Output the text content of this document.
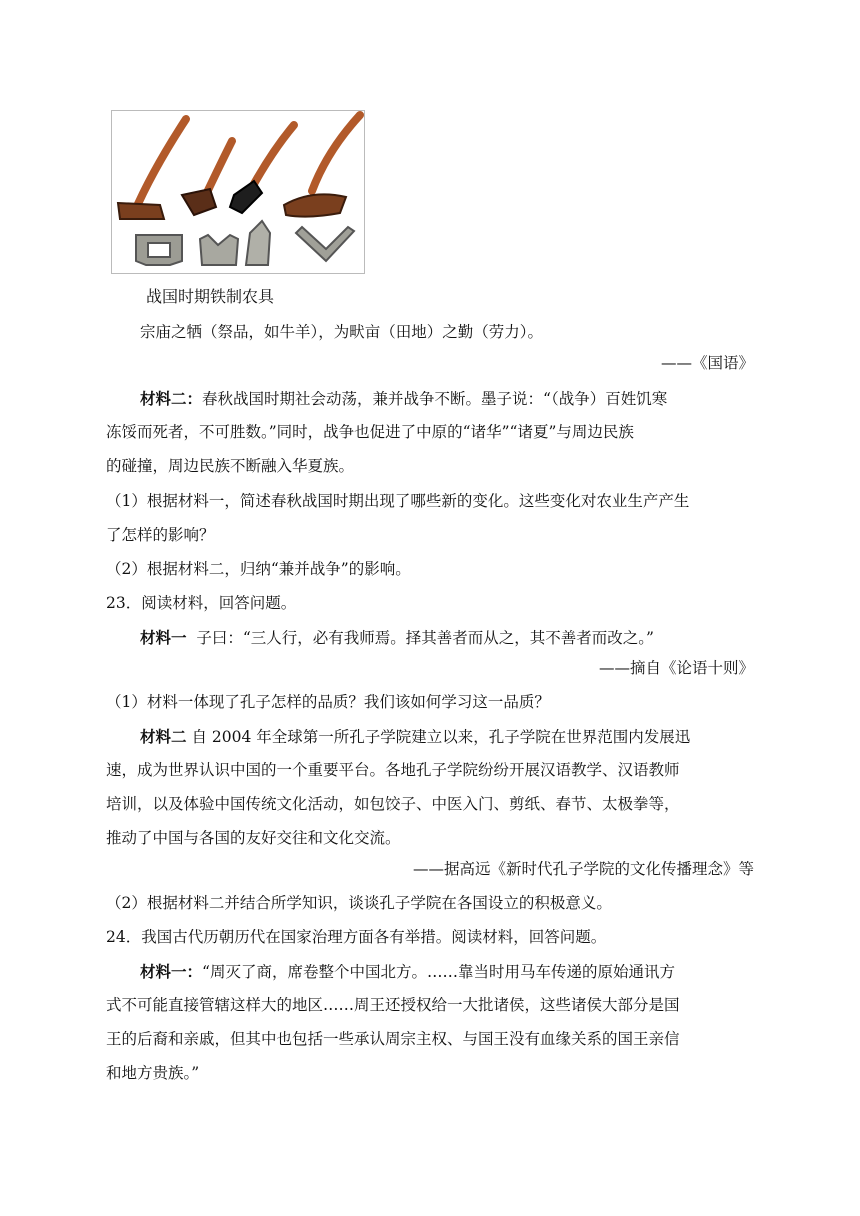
战国时期铁制农具
宗庙之牺（祭品，如牛羊），为畎亩（田地）之勤（劳力）。
——《国语》
材料二：春秋战国时期社会动荡，兼并战争不断。墨子说：“（战争）百姓饥寒
冻馁而死者，不可胜数。”同时，战争也促进了中原的“诸华”“诸夏”与周边民族
的碰撞，周边民族不断融入华夏族。
（1）根据材料一，简述春秋战国时期出现了哪些新的变化。这些变化对农业生产产生
了怎样的影响？
（2）根据材料二，归纳“兼并战争”的影响。
23．阅读材料，回答问题。
材料一 子曰：“三人行，必有我师焉。择其善者而从之，其不善者而改之。”
——摘自《论语十则》
（1）材料一体现了孔子怎样的品质？我们该如何学习这一品质？
材料二 自 2004 年全球第一所孔子学院建立以来，孔子学院在世界范围内发展迅
速，成为世界认识中国的一个重要平台。各地孔子学院纷纷开展汉语教学、汉语教师
培训，以及体验中国传统文化活动，如包饺子、中医入门、剪纸、春节、太极拳等，
推动了中国与各国的友好交往和文化交流。
——据高远《新时代孔子学院的文化传播理念》等
（2）根据材料二并结合所学知识，谈谈孔子学院在各国设立的积极意义。
24．我国古代历朝历代在国家治理方面各有举措。阅读材料，回答问题。
材料一：“周灭了商，席卷整个中国北方。……靠当时用马车传递的原始通讯方
式不可能直接管辖这样大的地区……周王还授权给一大批诸侯，这些诸侯大部分是国
王的后裔和亲戚，但其中也包括一些承认周宗主权、与国王没有血缘关系的国王亲信
和地方贵族。”
